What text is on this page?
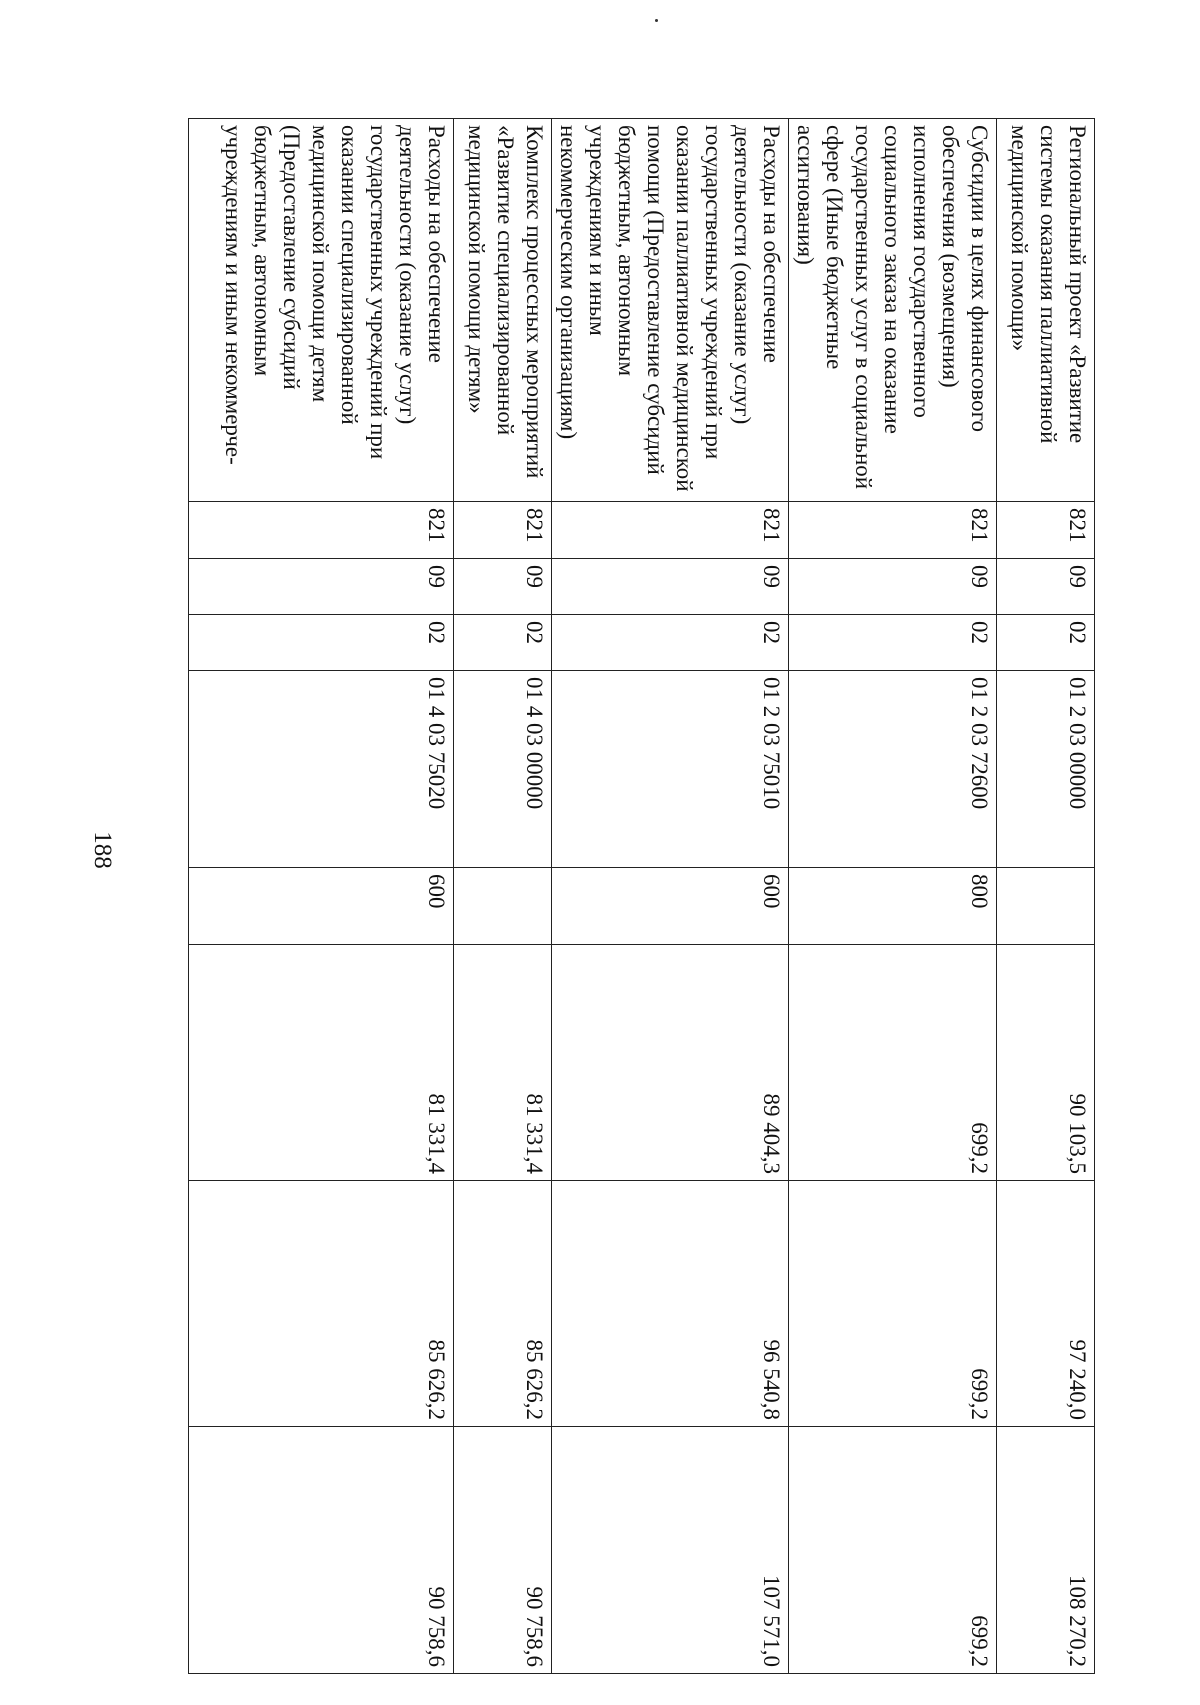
188
Региональный проект «Развитие системы оказания паллиативной медицинской помощи»	821	09	02	01 2 03 00000		90 103,5	97 240,0	108 270,2
Субсидии в целях финансового обеспечения (возмещения) исполнения государственного социального заказа на оказание государственных услуг в социальной сфере (Иные бюджетные ассигнования)	821	09	02	01 2 03 72600	800	699,2	699,2	699,2
Расходы на обеспечение деятельности (оказание услуг) государственных учреждений при оказании паллиативной медицинской помощи (Предоставление субсидий бюджетным, автономным учреждениям и иным некоммерческим организациям)	821	09	02	01 2 03 75010	600	89 404,3	96 540,8	107 571,0
Комплекс процессных мероприятий «Развитие специализированной медицинской помощи детям»	821	09	02	01 4 03 00000		81 331,4	85 626,2	90 758,6
Расходы на обеспечение деятельности (оказание услуг) государственных учреждений при оказании специализированной медицинской помощи детям (Предоставление субсидий бюджетным, автономным учреждениям и иным некоммерче-	821	09	02	01 4 03 75020	600	81 331,4	85 626,2	90 758,6
